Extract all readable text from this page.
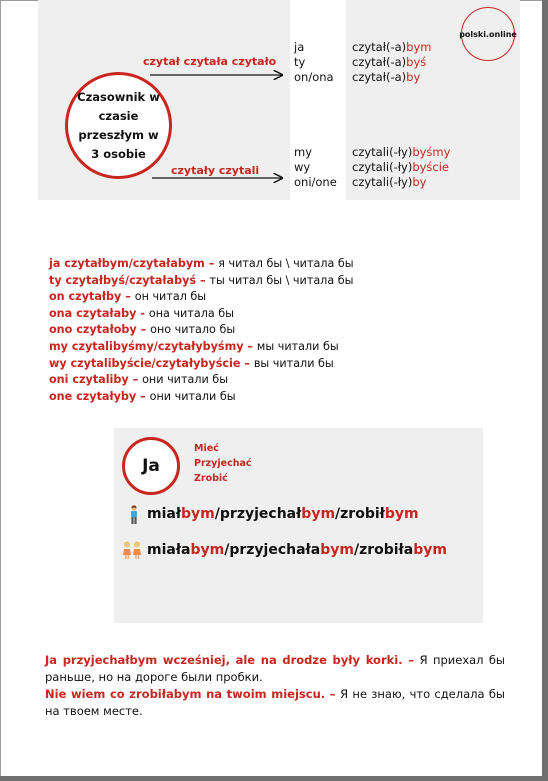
Czasownik w czasie przeszłym w 3 osobie
czytał czytała czytało
czytały czytali
ja
ty
on/ona
czytał(-a)bym
czytał(-a)byś
czytał(-a)by
my
wy
oni/one
czytali(-ły)byśmy
czytali(-ły)byście
czytali(-ły)by
polski.online
ja czytałbym/czytałabym – я читал бы \ читала бы
ty czytałbyś/czytałabyś – ты читал бы \ читала бы
on czytałby – он читал бы
ona czytałaby - она читала бы
ono czytałoby – оно читало бы
my czytalibyśmy/czytałybyśmy – мы читали бы
wy czytalibyście/czytałybyście – вы читали бы
oni czytaliby – они читали бы
one czytałyby – они читали бы
Ja
Mieć
Przyjechać
Zrobić
miałbym/przyjechałbym/zrobiłbym
miałabym/przyjechałabym/zrobiłabym
Ja przyjechałbym wcześniej, ale na drodze były korki. – Я приехал бы раньше, но на дороге были пробки.
Nie wiem co zrobiłabym na twoim miejscu. – Я не знаю, что сделала бы на твоем месте.
